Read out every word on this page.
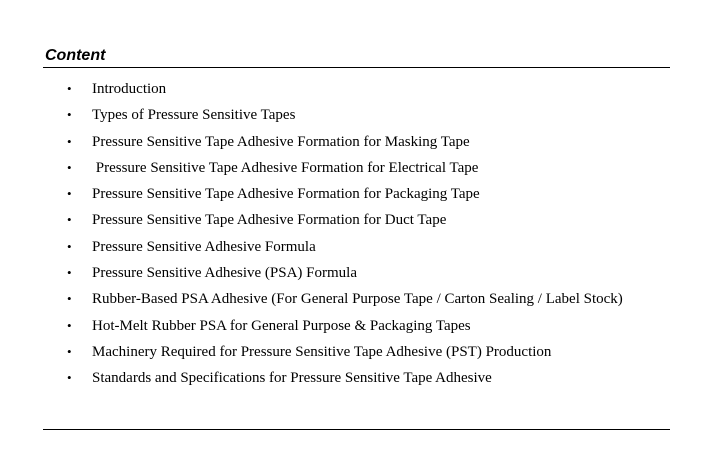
Content
• Introduction
• Types of Pressure Sensitive Tapes
• Pressure Sensitive Tape Adhesive Formation for Masking Tape
• Pressure Sensitive Tape Adhesive Formation for Electrical Tape
• Pressure Sensitive Tape Adhesive Formation for Packaging Tape
• Pressure Sensitive Tape Adhesive Formation for Duct Tape
• Pressure Sensitive Adhesive Formula
• Pressure Sensitive Adhesive (PSA) Formula
• Rubber-Based PSA Adhesive (For General Purpose Tape / Carton Sealing / Label Stock)
• Hot-Melt Rubber PSA for General Purpose & Packaging Tapes
• Machinery Required for Pressure Sensitive Tape Adhesive (PST) Production
• Standards and Specifications for Pressure Sensitive Tape Adhesive
